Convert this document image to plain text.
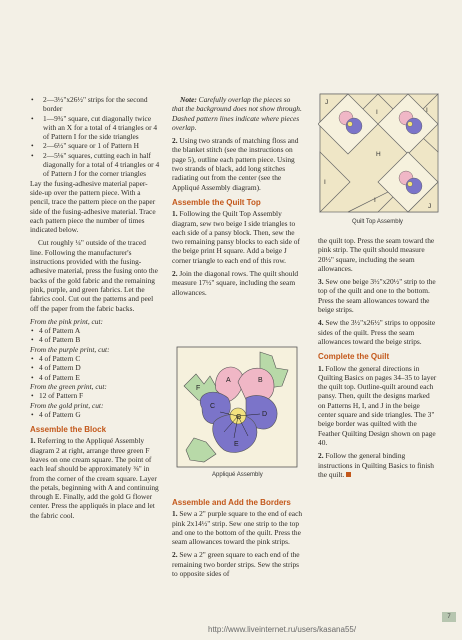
• 2—3½"x26½" strips for the second border
• 1—9¾" square, cut diagonally twice with an X for a total of 4 triangles or 4 of Pattern I for the side triangles
• 2—6½" square or 1 of Pattern H
• 2—5⅛" squares, cutting each in half diagonally for a total of 4 triangles or 4 of Pattern J for the corner triangles

Lay the fusing-adhesive material paper-side-up over the pattern piece. With a pencil, trace the pattern piece on the paper side of the fusing-adhesive material. Trace each pattern piece the number of times indicated below.

Cut roughly ¼" outside of the traced line. Following the manufacturer's instructions provided with the fusing-adhesive material, press the fusing onto the backs of the gold fabric and the remaining pink, purple, and green fabrics. Let the fabrics cool. Cut out the patterns and peel off the paper from the fabric backs.

From the pink print, cut:
• 4 of Pattern A
• 4 of Pattern B
From the purple print, cut:
• 4 of Pattern C
• 4 of Pattern D
• 4 of Pattern E
From the green print, cut:
• 12 of Pattern F
From the gold print, cut:
• 4 of Pattern G
Assemble the Block

1. Referring to the Appliqué Assembly diagram 2 at right, arrange three green F leaves on one cream square. The point of each leaf should be approximately ⅜" in from the corner of the cream square. Layer the petals, beginning with A and continuing through E. Finally, add the gold G flower center. Press the appliqués in place and let the fabric cool.

Note: Carefully overlap the pieces so that the background does not show through. Dashed pattern lines indicate where pieces overlap.

2. Using two strands of matching floss and the blanket stitch (see the instructions on page 5), outline each pattern piece. Using two strands of black, add long stitches radiating out from the center (see the Appliqué Assembly diagram).

Assemble the Quilt Top

1. Following the Quilt Top Assembly diagram, sew two beige I side triangles to each side of a pansy block. Then, sew the two remaining pansy blocks to each side of the beige print H square. Add a beige J corner triangle to each end of this row.

2. Join the diagonal rows. The quilt should measure 17½" square, including the seam allowances.

Assemble and Add the Borders

1. Sew a 2" purple square to the end of each pink 2x14½" strip. Sew one strip to the top and one to the bottom of the quilt. Press the seam allowances toward the pink strips.

2. Sew a 2" green square to each end of the remaining two border strips. Sew the strips to opposite sides of

A	B
C
D
E
F
G
Appliqué Assembly
J
I	I
H
I
I
J
Quilt Top Assembly

the quilt top. Press the seam toward the pink strip. The quilt should measure 20½" square, including the seam allowances.

3. Sew one beige 3½"x20½" strip to the top of the quilt and one to the bottom. Press the seam allowances toward the beige strips.

4. Sew the 3½"x26½" strips to opposite sides of the quilt. Press the seam allowances toward the beige strips.

Complete the Quilt

1. Follow the general directions in Quilting Basics on pages 34–35 to layer the quilt top. Outline-quilt around each pansy. Then, quilt the designs marked on Patterns H, I, and J in the beige center square and side triangles. The 3" beige border was quilted with the Feather Quilting Design shown on page 40.

2. Follow the general binding instructions in Quilting Basics to finish the quilt.

7
http://www.liveinternet.ru/users/kasana55/
